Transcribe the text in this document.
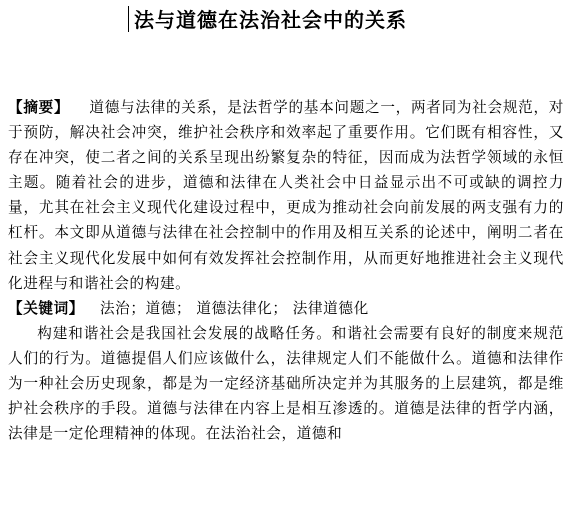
法与道德在法治社会中的关系

【摘要】 道德与法律的关系，是法哲学的基本问题之一，两者同为社会规范，对于预防，解决社会冲突，维护社会秩序和效率起了重要作用。它们既有相容性，又存在冲突，使二者之间的关系呈现出纷繁复杂的特征，因而成为法哲学领域的永恒主题。随着社会的进步，道德和法律在人类社会中日益显示出不可或缺的调控力量，尤其在社会主义现代化建设过程中，更成为推动社会向前发展的两支强有力的杠杆。本文即从道德与法律在社会控制中的作用及相互关系的论述中，阐明二者在社会主义现代化发展中如何有效发挥社会控制作用，从而更好地推进社会主义现代化进程与和谐社会的构建。

【关键词】 法治；道德； 道德法律化； 法律道德化

构建和谐社会是我国社会发展的战略任务。和谐社会需要有良好的制度来规范人们的行为。道德提倡人们应该做什么，法律规定人们不能做什么。道德和法律作为一种社会历史现象，都是为一定经济基础所决定并为其服务的上层建筑，都是维护社会秩序的手段。道德与法律在内容上是相互渗透的。道德是法律的哲学内涵，法律是一定伦理精神的体现。在法治社会，道德和
